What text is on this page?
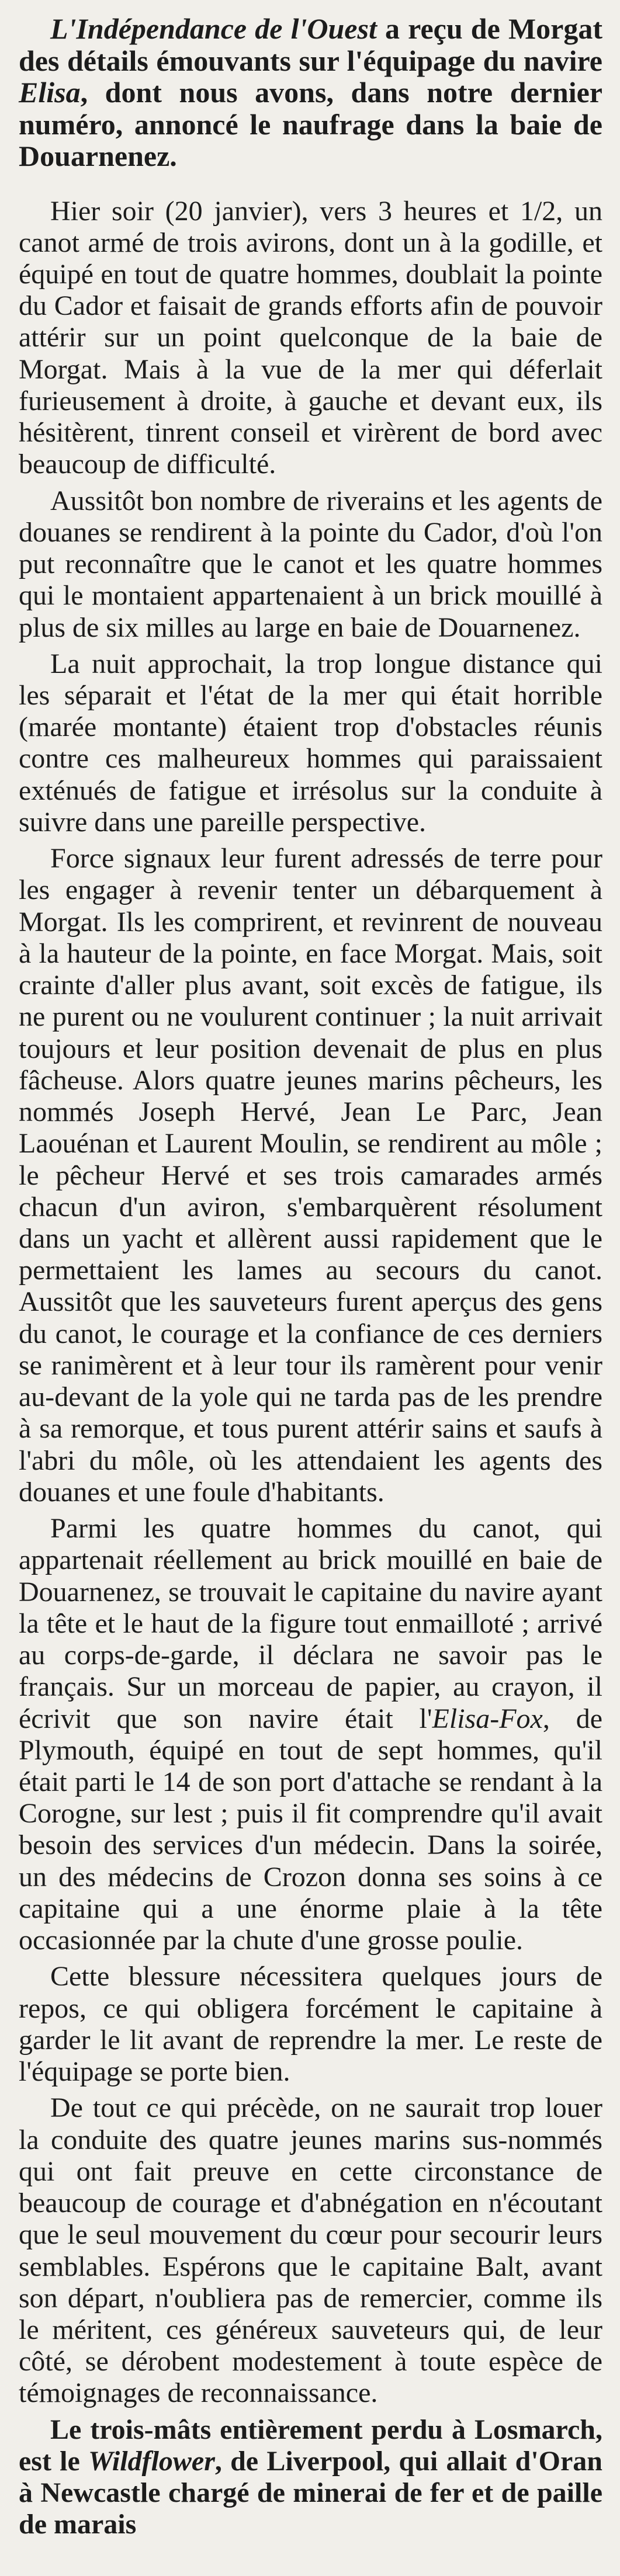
L'Indépendance de l'Ouest a reçu de Morgat des détails émouvants sur l'équipage du navire Elisa, dont nous avons, dans notre dernier numéro, annoncé le naufrage dans la baie de Douarnenez.

Hier soir (20 janvier), vers 3 heures et 1/2, un canot armé de trois avirons, dont un à la godille, et équipé en tout de quatre hommes, doublait la pointe du Cador et faisait de grands efforts afin de pouvoir attérir sur un point quelconque de la baie de Morgat. Mais à la vue de la mer qui déferlait furieusement à droite, à gauche et devant eux, ils hésitèrent, tinrent conseil et virèrent de bord avec beaucoup de difficulté.

Aussitôt bon nombre de riverains et les agents de douanes se rendirent à la pointe du Cador, d'où l'on put reconnaître que le canot et les quatre hommes qui le montaient appartenaient à un brick mouillé à plus de six milles au large en baie de Douarnenez.

La nuit approchait, la trop longue distance qui les séparait et l'état de la mer qui était horrible (marée montante) étaient trop d'obstacles réunis contre ces malheureux hommes qui paraissaient exténués de fatigue et irrésolus sur la conduite à suivre dans une pareille perspective.

Force signaux leur furent adressés de terre pour les engager à revenir tenter un débarquement à Morgat. Ils les comprirent, et revinrent de nouveau à la hauteur de la pointe, en face Morgat. Mais, soit crainte d'aller plus avant, soit excès de fatigue, ils ne purent ou ne voulurent continuer ; la nuit arrivait toujours et leur position devenait de plus en plus fâcheuse. Alors quatre jeunes marins pêcheurs, les nommés Joseph Hervé, Jean Le Parc, Jean Laouénan et Laurent Moulin, se rendirent au môle ; le pêcheur Hervé et ses trois camarades armés chacun d'un aviron, s'embarquèrent résolument dans un yacht et allèrent aussi rapidement que le permettaient les lames au secours du canot. Aussitôt que les sauveteurs furent aperçus des gens du canot, le courage et la confiance de ces derniers se ranimèrent et à leur tour ils ramèrent pour venir au-devant de la yole qui ne tarda pas de les prendre à sa remorque, et tous purent attérir sains et saufs à l'abri du môle, où les attendaient les agents des douanes et une foule d'habitants.

Parmi les quatre hommes du canot, qui appartenait réellement au brick mouillé en baie de Douarnenez, se trouvait le capitaine du navire ayant la tête et le haut de la figure tout enmailloté ; arrivé au corps-de-garde, il déclara ne savoir pas le français. Sur un morceau de papier, au crayon, il écrivit que son navire était l'Elisa-Fox, de Plymouth, équipé en tout de sept hommes, qu'il était parti le 14 de son port d'attache se rendant à la Corogne, sur lest ; puis il fit comprendre qu'il avait besoin des services d'un médecin. Dans la soirée, un des médecins de Crozon donna ses soins à ce capitaine qui a une énorme plaie à la tête occasionnée par la chute d'une grosse poulie.

Cette blessure nécessitera quelques jours de repos, ce qui obligera forcément le capitaine à garder le lit avant de reprendre la mer. Le reste de l'équipage se porte bien.

De tout ce qui précède, on ne saurait trop louer la conduite des quatre jeunes marins sus-nommés qui ont fait preuve en cette circonstance de beaucoup de courage et d'abnégation en n'écoutant que le seul mouvement du cœur pour secourir leurs semblables. Espérons que le capitaine Balt, avant son départ, n'oubliera pas de remercier, comme ils le méritent, ces généreux sauveteurs qui, de leur côté, se dérobent modestement à toute espèce de témoignages de reconnaissance.

Le trois-mâts entièrement perdu à Losmarch, est le Wildflower, de Liverpool, qui allait d'Oran à Newcastle chargé de minerai de fer et de paille de marais
